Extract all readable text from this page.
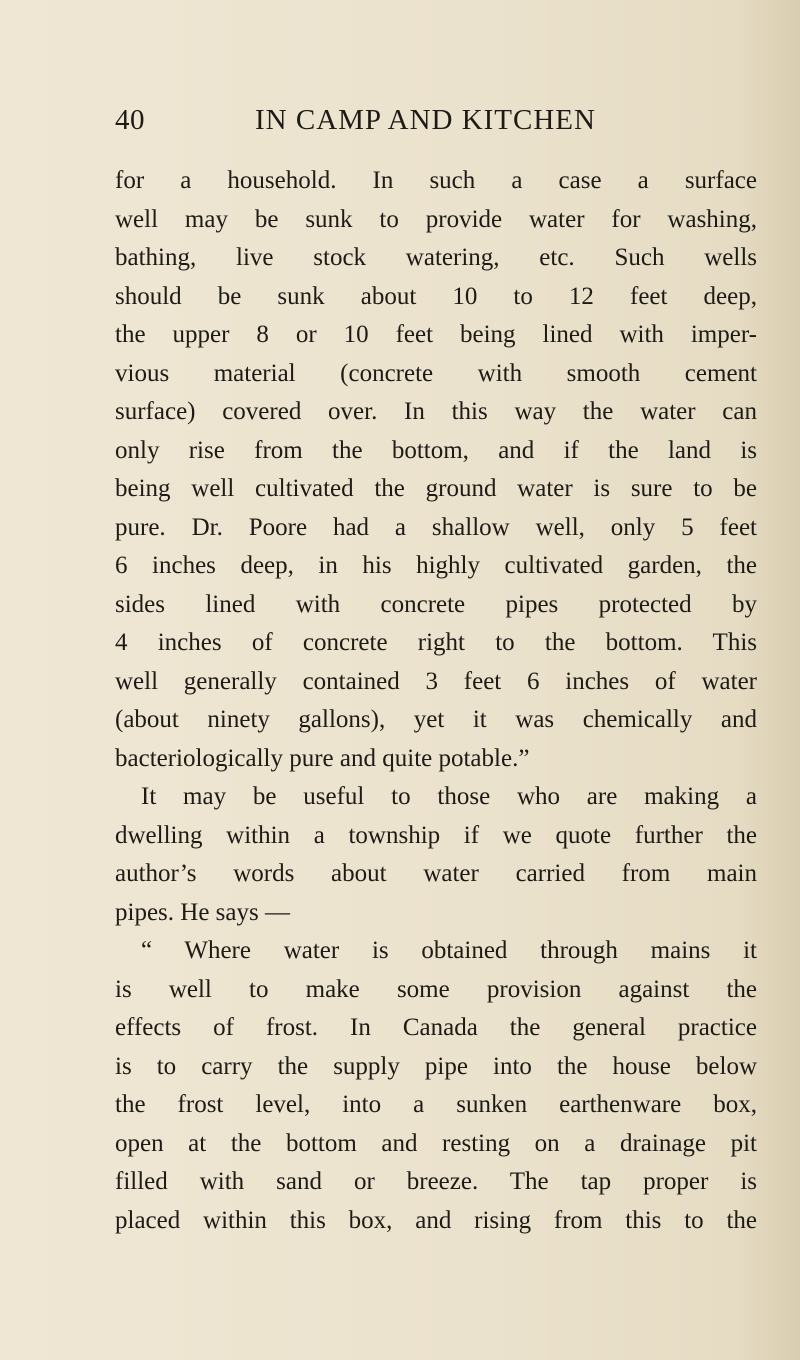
40	IN CAMP AND KITCHEN
for a household. In such a case a surface
well may be sunk to provide water for washing,
bathing, live stock watering, etc. Such wells
should be sunk about 10 to 12 feet deep,
the upper 8 or 10 feet being lined with imper-
vious material (concrete with smooth cement
surface) covered over. In this way the water can
only rise from the bottom, and if the land is
being well cultivated the ground water is sure to be
pure. Dr. Poore had a shallow well, only 5 feet
6 inches deep, in his highly cultivated garden, the
sides lined with concrete pipes protected by
4 inches of concrete right to the bottom. This
well generally contained 3 feet 6 inches of water
(about ninety gallons), yet it was chemically and
bacteriologically pure and quite potable.”
It may be useful to those who are making a
dwelling within a township if we quote further the
author’s words about water carried from main
pipes. He says —
“ Where water is obtained through mains it
is well to make some provision against the
effects of frost. In Canada the general practice
is to carry the supply pipe into the house below
the frost level, into a sunken earthenware box,
open at the bottom and resting on a drainage pit
filled with sand or breeze. The tap proper is
placed within this box, and rising from this to the
